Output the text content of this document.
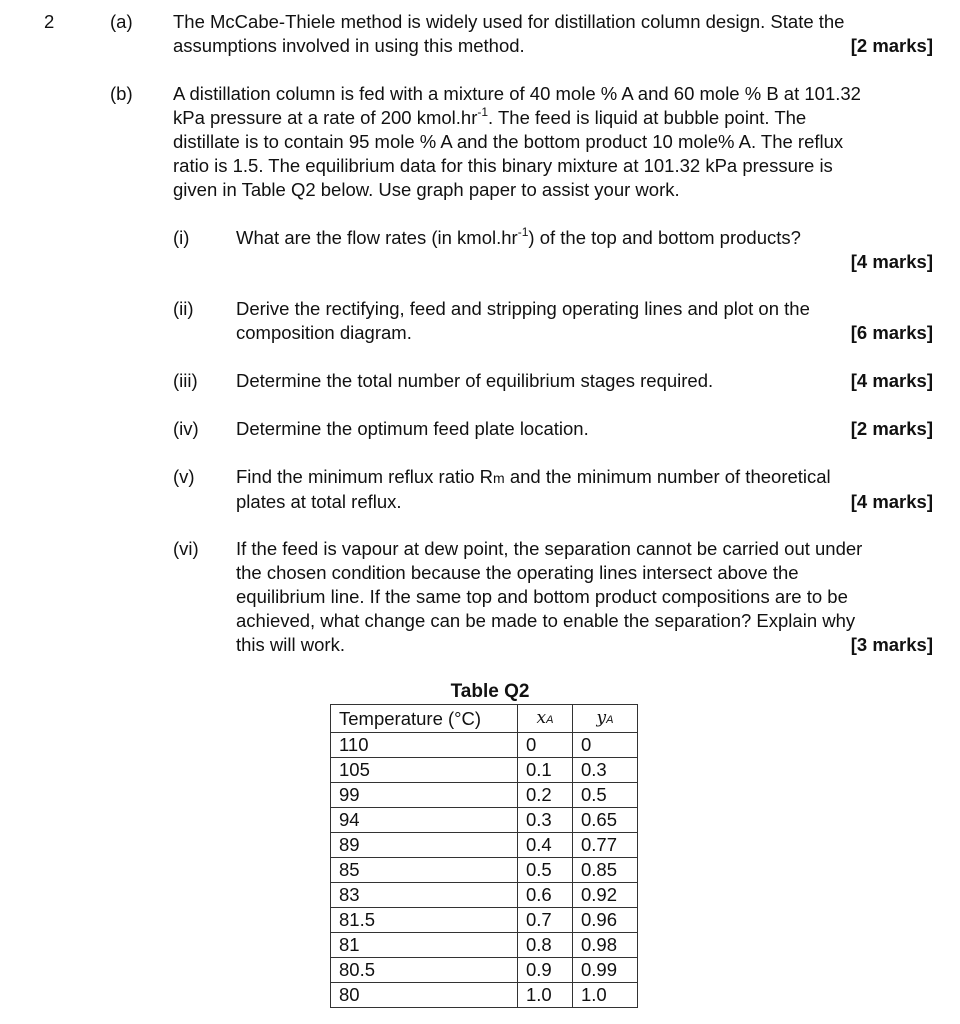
2	(a) The McCabe-Thiele method is widely used for distillation column design. State the
assumptions involved in using this method.	[2 marks]
(b) A distillation column is fed with a mixture of 40 mole % A and 60 mole % B at 101.32
kPa pressure at a rate of 200 $kmol.hr^{-1}$. The feed is liquid at bubble point. The
distillate is to contain 95 mole % A and the bottom product 10 mole% A. The reflux
ratio is 1.5. The equilibrium data for this binary mixture at 101.32 kPa pressure is
given in Table Q2 below. Use graph paper to assist your work.
(i)	What are the flow rates (in $kmol.hr^{-1}$) of the top and bottom products?
[4 marks]
(ii) Derive the rectifying, feed and stripping operating lines and plot on the
composition diagram.	[6 marks]
(iii) Determine the total number of equilibrium stages required.	[4 marks]
(iv) Determine the optimum feed plate location.	[2 marks]
(v) Find the minimum reflux ratio Rm and the minimum number of theoretical
plates at total reflux.	[4 marks]
(vi) If the feed is vapour at dew point, the separation cannot be carried out under
the chosen condition because the operating lines intersect above the
equilibrium line. If the same top and bottom product compositions are to be
achieved, what change can be made to enable the separation? Explain why
this will work.	[3 marks]
Table Q2
Temperature (°C)	xA	yA
110	0	0
105	0.1	0.3
99	0.2	0.5
94	0.3	0.65
89	0.4	0.77
85	0.5	0.85
83	0.6	0.92
81.5	0.7	0.96
81	0.8	0.98
80.5	0.9	0.99
80	1.0	1.0
